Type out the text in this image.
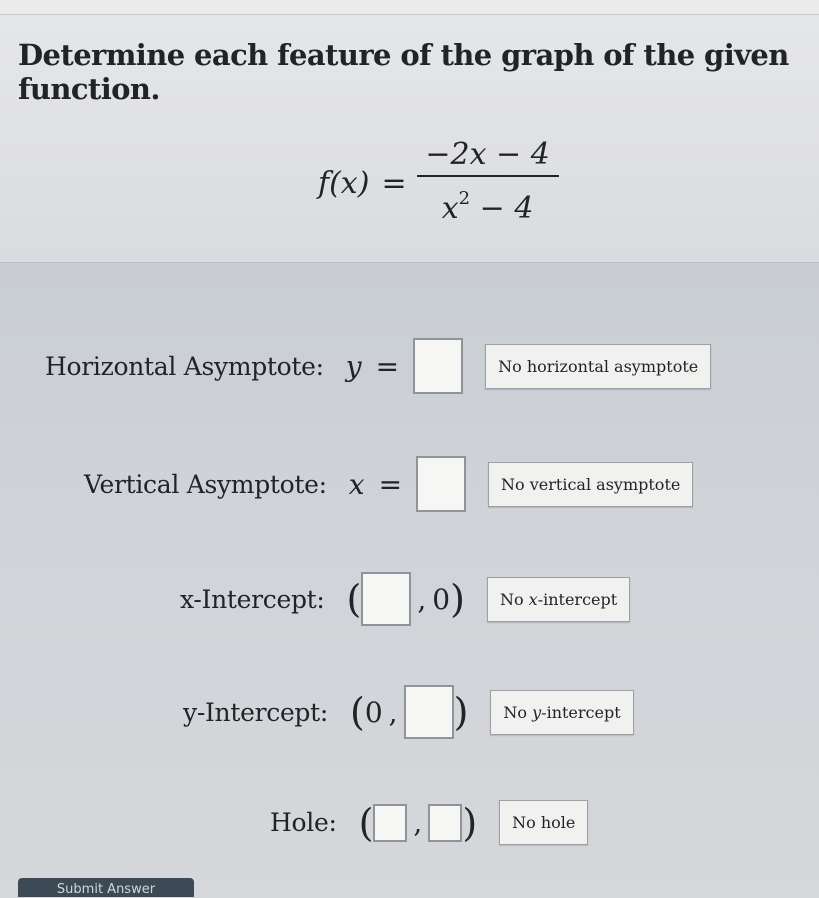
Determine each feature of the graph of the given function.
$f(x) = \frac{-2x - 4}{x^2 - 4}$
Horizontal Asymptote: y =	No horizontal asymptote
Vertical Asymptote: x =	No vertical asymptote
x-Intercept: ( , 0 )	No x-intercept
y-Intercept: ( 0 , )	No y-intercept
Hole: ( , )	No hole
Submit Answer
